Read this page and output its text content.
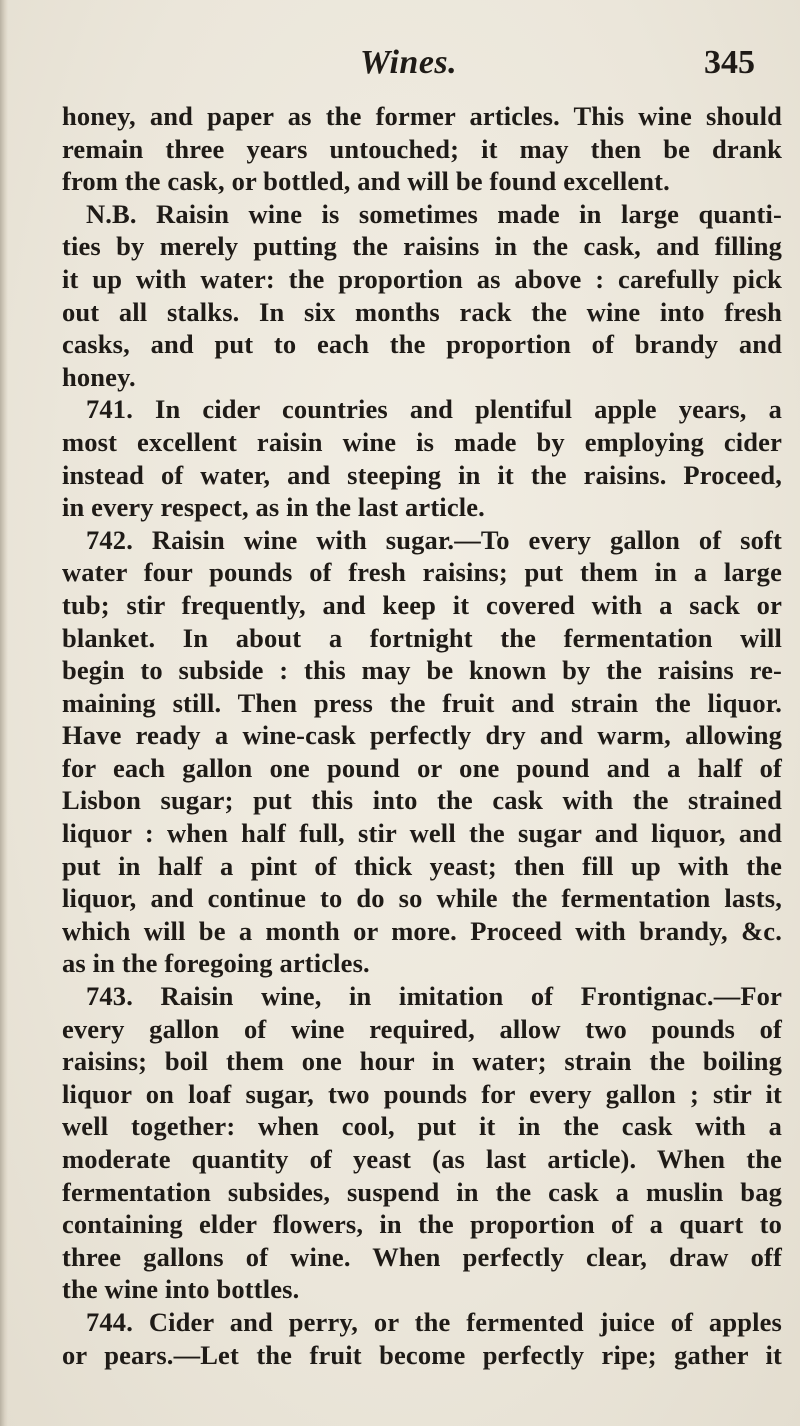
Wines.	345
honey, and paper as the former articles. This wine should
remain three years untouched; it may then be drank
from the cask, or bottled, and will be found excellent.
N.B. Raisin wine is sometimes made in large quanti-
ties by merely putting the raisins in the cask, and filling
it up with water: the proportion as above : carefully pick
out all stalks. In six months rack the wine into fresh
casks, and put to each the proportion of brandy and
honey.
741. In cider countries and plentiful apple years, a
most excellent raisin wine is made by employing cider
instead of water, and steeping in it the raisins. Proceed,
in every respect, as in the last article.
742. Raisin wine with sugar.—To every gallon of soft
water four pounds of fresh raisins; put them in a large
tub; stir frequently, and keep it covered with a sack or
blanket. In about a fortnight the fermentation will
begin to subside : this may be known by the raisins re-
maining still. Then press the fruit and strain the liquor.
Have ready a wine-cask perfectly dry and warm, allowing
for each gallon one pound or one pound and a half of
Lisbon sugar; put this into the cask with the strained
liquor : when half full, stir well the sugar and liquor, and
put in half a pint of thick yeast; then fill up with the
liquor, and continue to do so while the fermentation lasts,
which will be a month or more. Proceed with brandy, &c.
as in the foregoing articles.
743. Raisin wine, in imitation of Frontignac.—For
every gallon of wine required, allow two pounds of
raisins; boil them one hour in water; strain the boiling
liquor on loaf sugar, two pounds for every gallon ; stir it
well together: when cool, put it in the cask with a
moderate quantity of yeast (as last article). When the
fermentation subsides, suspend in the cask a muslin bag
containing elder flowers, in the proportion of a quart to
three gallons of wine. When perfectly clear, draw off
the wine into bottles.
744. Cider and perry, or the fermented juice of apples
or pears.—Let the fruit become perfectly ripe; gather it
